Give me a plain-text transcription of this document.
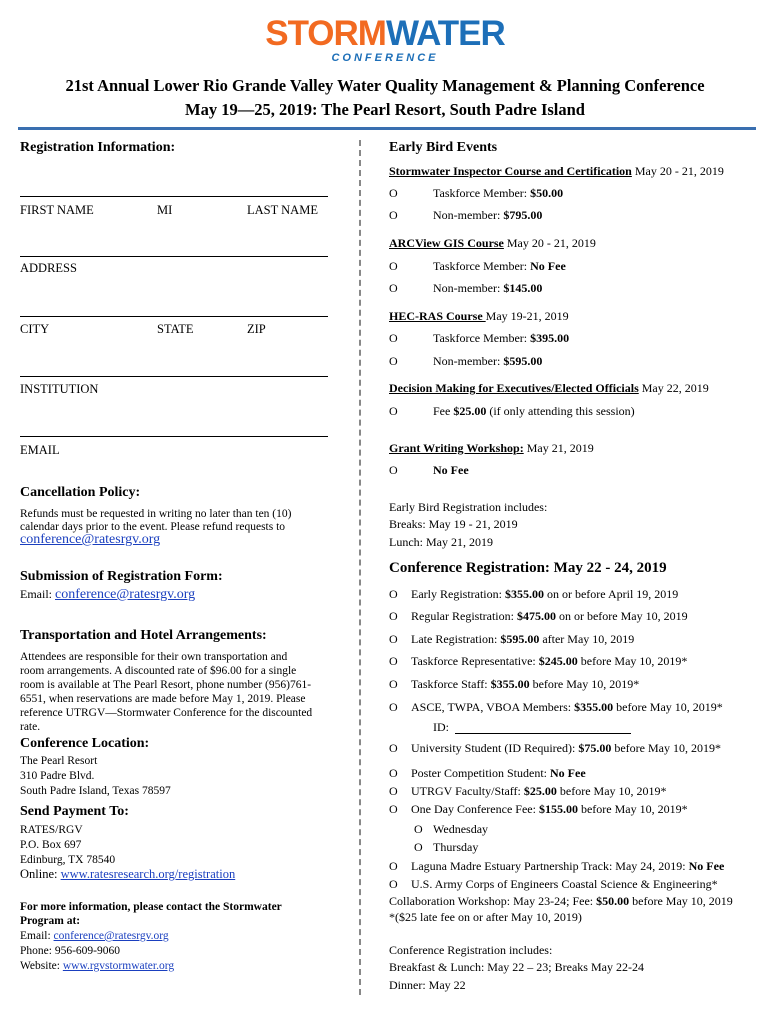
STORMWATER
CONFERENCE
21st Annual Lower Rio Grande Valley Water Quality Management & Planning Conference
May 19—25, 2019: The Pearl Resort, South Padre Island
Registration Information:
FIRST NAME	MI	LAST NAME
ADDRESS
CITY	STATE	ZIP
INSTITUTION
EMAIL
Cancellation Policy:
Refunds must be requested in writing no later than ten (10)
calendar days prior to the event. Please refund requests to
conference@ratesrgv.org
Submission of Registration Form:
Email: conference@ratesrgv.org
Transportation and Hotel Arrangements:
Attendees are responsible for their own transportation and
room arrangements. A discounted rate of $96.00 for a single
room is available at The Pearl Resort, phone number (956)761-
6551, when reservations are made before May 1, 2019. Please
reference UTRGV—Stormwater Conference for the discounted
rate.
Conference Location:
The Pearl Resort
310 Padre Blvd.
South Padre Island, Texas 78597
Send Payment To:
RATES/RGV
P.O. Box 697
Edinburg, TX 78540
Online: www.ratesresearch.org/registration
For more information, please contact the Stormwater
Program at:
Email: conference@ratesrgv.org
Phone: 956-609-9060
Website: www.rgvstormwater.org
Early Bird Events
Stormwater Inspector Course and Certification May 20 - 21, 2019
O	Taskforce Member: $50.00
O	Non-member: $795.00
ARCView GIS Course May 20 - 21, 2019
O	Taskforce Member: No Fee
O	Non-member: $145.00
HEC-RAS Course May 19-21, 2019
O	Taskforce Member: $395.00
O	Non-member: $595.00
Decision Making for Executives/Elected Officials May 22, 2019
O	Fee $25.00 (if only attending this session)
Grant Writing Workshop: May 21, 2019
O	No Fee
Early Bird Registration includes:
Breaks: May 19 - 21, 2019
Lunch: May 21, 2019
Conference Registration: May 22 - 24, 2019
O Early Registration: $355.00 on or before April 19, 2019
O Regular Registration: $475.00 on or before May 10, 2019
O Late Registration: $595.00 after May 10, 2019
O Taskforce Representative: $245.00 before May 10, 2019*
O Taskforce Staff: $355.00 before May 10, 2019*
O ASCE, TWPA, VBOA Members: $355.00 before May 10, 2019*
ID:
O University Student (ID Required): $75.00 before May 10, 2019*
O Poster Competition Student: No Fee
O UTRGV Faculty/Staff: $25.00 before May 10, 2019*
O One Day Conference Fee: $155.00 before May 10, 2019*
O Wednesday
O Thursday
O Laguna Madre Estuary Partnership Track: May 24, 2019: No Fee
O U.S. Army Corps of Engineers Coastal Science & Engineering*
Collaboration Workshop: May 23-24; Fee: $50.00 before May 10, 2019
*($25 late fee on or after May 10, 2019)
Conference Registration includes:
Breakfast & Lunch: May 22 – 23; Breaks May 22-24
Dinner: May 22
